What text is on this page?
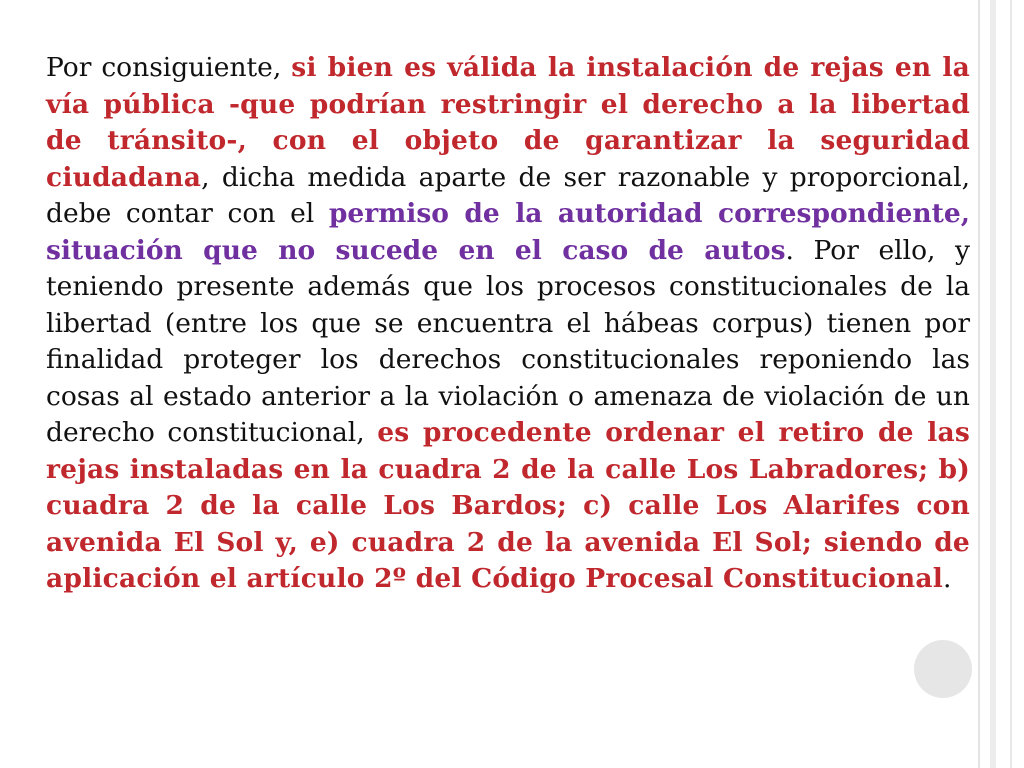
Por consiguiente, si bien es válida la instalación de rejas en la vía pública -que podrían restringir el derecho a la libertad de tránsito-, con el objeto de garantizar la seguridad ciudadana, dicha medida aparte de ser razonable y proporcional, debe contar con el permiso de la autoridad correspondiente, situación que no sucede en el caso de autos. Por ello, y teniendo presente además que los procesos constitucionales de la libertad (entre los que se encuentra el hábeas corpus) tienen por finalidad proteger los derechos constitucionales reponiendo las cosas al estado anterior a la violación o amenaza de violación de un derecho constitucional, es procedente ordenar el retiro de las rejas instaladas en la cuadra 2 de la calle Los Labradores; b) cuadra 2 de la calle Los Bardos; c) calle Los Alarifes con avenida El Sol y, e) cuadra 2 de la avenida El Sol; siendo de aplicación el artículo 2º del Código Procesal Constitucional.
